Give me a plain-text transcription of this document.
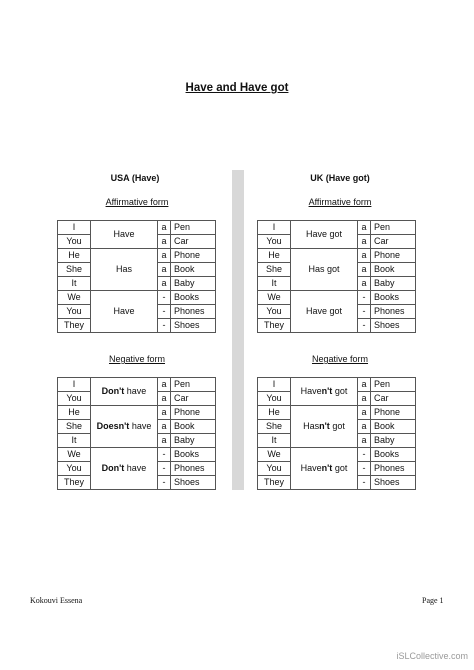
Have and Have got
USA (Have)	UK (Have got)
Affirmative form	Affirmative form
I	Have	a	Pen
You		a	Car
He	Has	a	Phone
She		a	Book
It		a	Baby
We	Have	-	Books
You		-	Phones
They		-	Shoes
I	Have got	a	Pen
You		a	Car
He	Has got	a	Phone
She		a	Book
It		a	Baby
We	Have got	-	Books
You		-	Phones
They		-	Shoes
Negative form	Negative form
I	Don't have	a	Pen
You		a	Car
He	Doesn't have	a	Phone
She		a	Book
It		a	Baby
We	Don't have	-	Books
You		-	Phones
They		-	Shoes
I	Haven't got	a	Pen
You		a	Car
He	Hasn't got	a	Phone
She		a	Book
It		a	Baby
We	Haven't got	-	Books
You		-	Phones
They		-	Shoes
Kokouvi Essena	Page 1
iSLCollective.com
